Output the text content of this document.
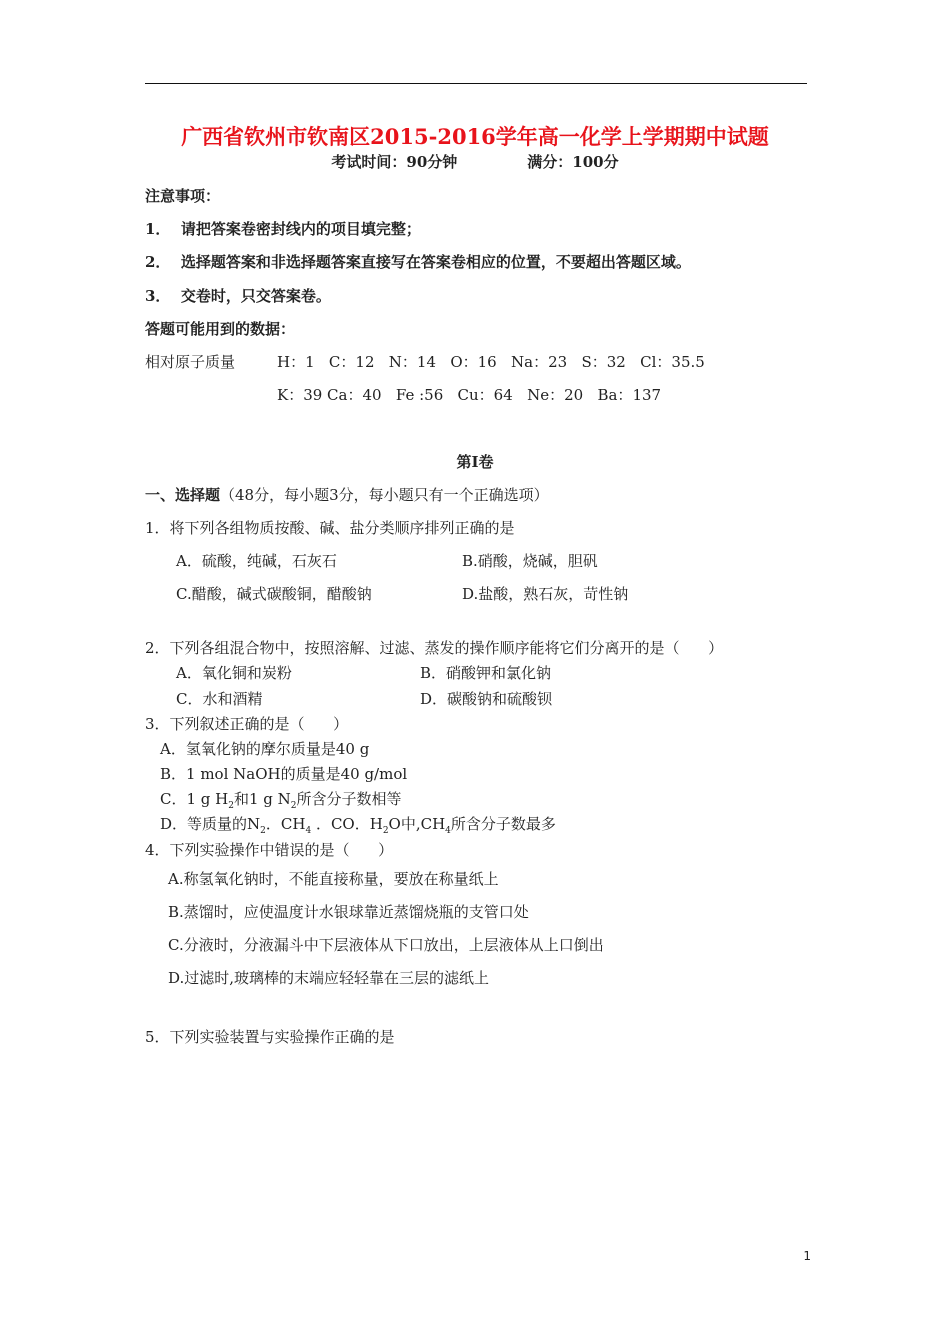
广西省钦州市钦南区2015-2016学年高一化学上学期期中试题
考试时间：90分钟	满分：100分
注意事项：
1．  请把答案卷密封线内的项目填完整；
2．  选择题答案和非选择题答案直接写在答案卷相应的位置，不要超出答题区域。
3．  交卷时，只交答案卷。
答题可能用到的数据：
相对原子质量	H：1   C：12   N：14   O：16   Na：23   S：32   Cl：35.5
K：39 Ca：40   Fe :56   Cu：64   Ne：20   Ba：137
第I卷
一、选择题（48分，每小题3分，每小题只有一个正确选项）
1．将下列各组物质按酸、碱、盐分类顺序排列正确的是
A．硫酸，纯碱，石灰石	B.硝酸，烧碱，胆矾
C.醋酸，碱式碳酸铜，醋酸钠	D.盐酸，熟石灰，苛性钠
2．下列各组混合物中，按照溶解、过滤、蒸发的操作顺序能将它们分离开的是（      ）
A．氧化铜和炭粉	B．硝酸钾和氯化钠
C．水和酒精	D．碳酸钠和硫酸钡
3．下列叙述正确的是（      ）
A．氢氧化钠的摩尔质量是40 g
B．1 mol NaOH的质量是40 g/mol
C．1 g $H_2$和1 g $N_2$所含分子数相等
D．等质量的$N_2$．$CH_4$ ．CO．$H_2O$中$,CH_4$所含分子数最多
4．下列实验操作中错误的是（      ）
A.称氢氧化钠时，不能直接称量，要放在称量纸上
B.蒸馏时，应使温度计水银球靠近蒸馏烧瓶的支管口处
C.分液时，分液漏斗中下层液体从下口放出，上层液体从上口倒出
D.过滤时,玻璃棒的末端应轻轻靠在三层的滤纸上
5．下列实验装置与实验操作正确的是
1
